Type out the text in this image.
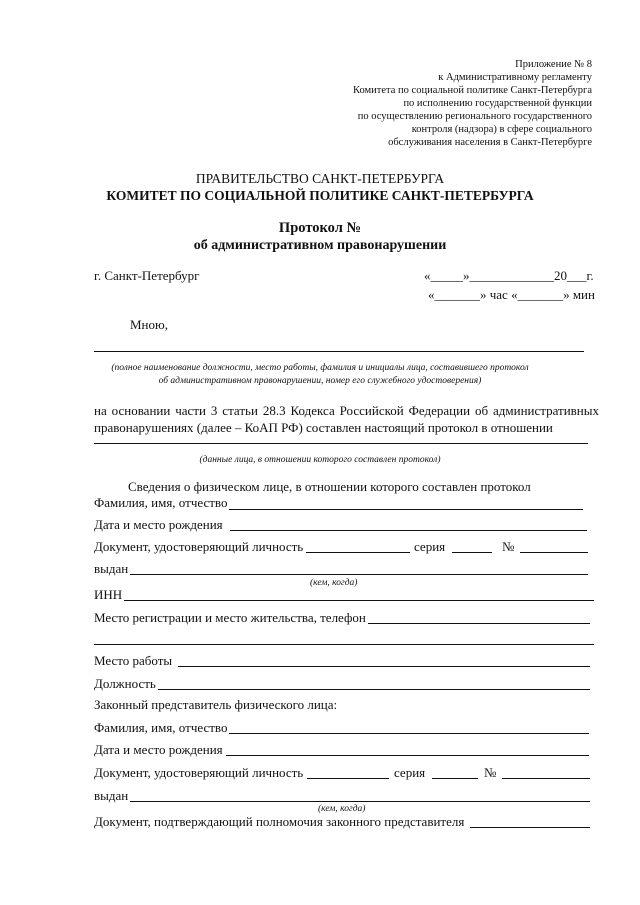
Приложение № 8
к Административному регламенту
Комитета по социальной политике Санкт-Петербурга
по исполнению государственной функции
по осуществлению регионального государственного
контроля (надзора) в сфере социального
обслуживания населения в Санкт-Петербурге
ПРАВИТЕЛЬСТВО САНКТ-ПЕТЕРБУРГА
КОМИТЕТ ПО СОЦИАЛЬНОЙ ПОЛИТИКЕ САНКТ-ПЕТЕРБУРГА
Протокол №
об административном правонарушении
г. Санкт-Петербург	«_____»_____________20___г.
«_______» час «_______» мин
Мною,
(полное наименование должности, место работы, фамилия и инициалы лица, составившего протокол
об административном правонарушении, номер его служебного удостоверения)
на основании части 3 статьи 28.3 Кодекса Российской Федерации об административных правонарушениях (далее – КоАП РФ) составлен настоящий протокол в отношении
(данные лица, в отношении которого составлен протокол)
Сведения о физическом лице, в отношении которого составлен протокол
Фамилия, имя, отчество
Дата и место рождения
Документ, удостоверяющий личность	серия	№
выдан
(кем, когда)
ИНН
Место регистрации и место жительства, телефон
Место работы
Должность
Законный представитель физического лица:
Фамилия, имя, отчество
Дата и место рождения
Документ, удостоверяющий личность	серия	№
выдан
(кем, когда)
Документ, подтверждающий полномочия законного представителя
